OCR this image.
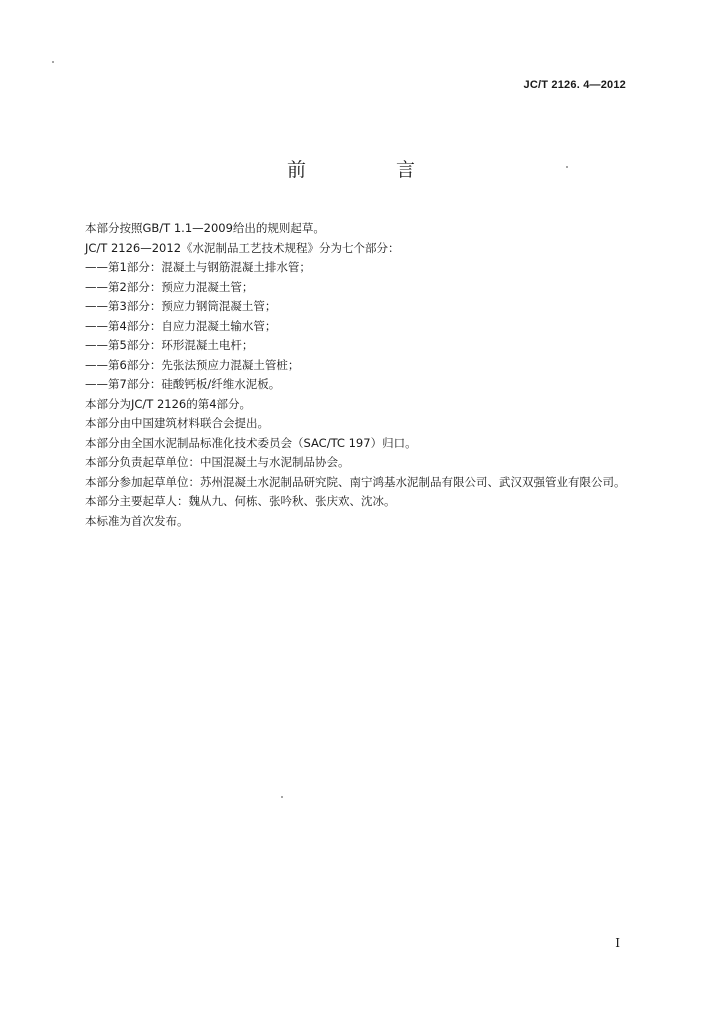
JC/T 2126. 4—2012
前 言

本部分按照GB/T 1.1—2009给出的规则起草。

JC/T 2126—2012《水泥制品工艺技术规程》分为七个部分：

——第1部分：混凝土与钢筋混凝土排水管；

——第2部分：预应力混凝土管；

——第3部分：预应力钢筒混凝土管；

——第4部分：自应力混凝土输水管；

——第5部分：环形混凝土电杆；

——第6部分：先张法预应力混凝土管桩；

——第7部分：硅酸钙板/纤维水泥板。

本部分为JC/T 2126的第4部分。

本部分由中国建筑材料联合会提出。

本部分由全国水泥制品标准化技术委员会（SAC/TC 197）归口。

本部分负责起草单位：中国混凝土与水泥制品协会。

本部分参加起草单位：苏州混凝土水泥制品研究院、南宁鸿基水泥制品有限公司、武汉双强管业有限公司。

本部分主要起草人：魏从九、何栋、张吟秋、张庆欢、沈冰。

本标准为首次发布。

I
